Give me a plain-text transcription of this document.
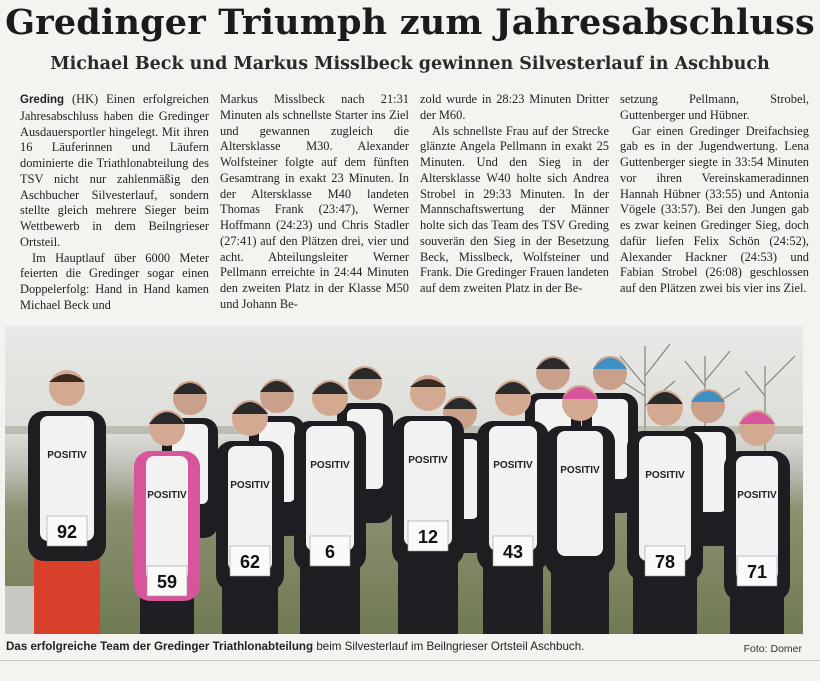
Gredinger Triumph zum Jahresabschluss
Michael Beck und Markus Misslbeck gewinnen Silvesterlauf in Aschbuch

Greding (HK) Einen erfolgreichen Jahresabschluss haben die Gredinger Ausdauersportler hingelegt. Mit ihren 16 Läuferinnen und Läufern dominierte die Triathlonabteilung des TSV nicht nur zahlenmäßig den Aschbucher Silvesterlauf, sondern stellte gleich mehrere Sieger beim Wettbewerb in dem Beilngrieser Ortsteil.

Im Hauptlauf über 6000 Meter feierten die Gredinger sogar einen Doppelerfolg: Hand in Hand kamen Michael Beck und

Markus Misslbeck nach 21:31 Minuten als schnellste Starter ins Ziel und gewannen zugleich die Altersklasse M30. Alexander Wolfsteiner folgte auf dem fünften Gesamtrang in exakt 23 Minuten. In der Altersklasse M40 landeten Thomas Frank (23:47), Werner Hoffmann (24:23) und Chris Stadler (27:41) auf den Plätzen drei, vier und acht. Abteilungsleiter Werner Pellmann erreichte in 24:44 Minuten den zweiten Platz in der Klasse M50 und Johann Be-

zold wurde in 28:23 Minuten Dritter der M60.

Als schnellste Frau auf der Strecke glänzte Angela Pellmann in exakt 25 Minuten. Und den Sieg in der Altersklasse W40 holte sich Andrea Strobel in 29:33 Minuten. In der Mannschaftswertung der Männer holte sich das Team des TSV Greding souverän den Sieg in der Besetzung Beck, Misslbeck, Wolfsteiner und Frank. Die Gredinger Frauen landeten auf dem zweiten Platz in der Be-

setzung Pellmann, Strobel, Guttenberger und Hübner.

Gar einen Gredinger Dreifachsieg gab es in der Jugendwertung. Lena Guttenberger siegte in 33:54 Minuten vor ihren Vereinskameradinnen Hannah Hübner (33:55) und Antonia Vögele (33:57). Bei den Jungen gab es zwar keinen Gredinger Sieg, doch dafür liefen Felix Schön (24:52), Alexander Hackner (24:53) und Fabian Strobel (26:08) geschlossen auf den Plätzen zwei bis vier ins Ziel.

POSITIV
92
POSITIV
59
POSITIV
62
POSITIV
6
POSITIV
12
POSITIV
43
POSITIV	POSITIV
78
POSITIV
71
Das erfolgreiche Team der Gredinger Triathlonabteilung beim Silvesterlauf im Beilngrieser Ortsteil Aschbuch.	Foto: Domer
